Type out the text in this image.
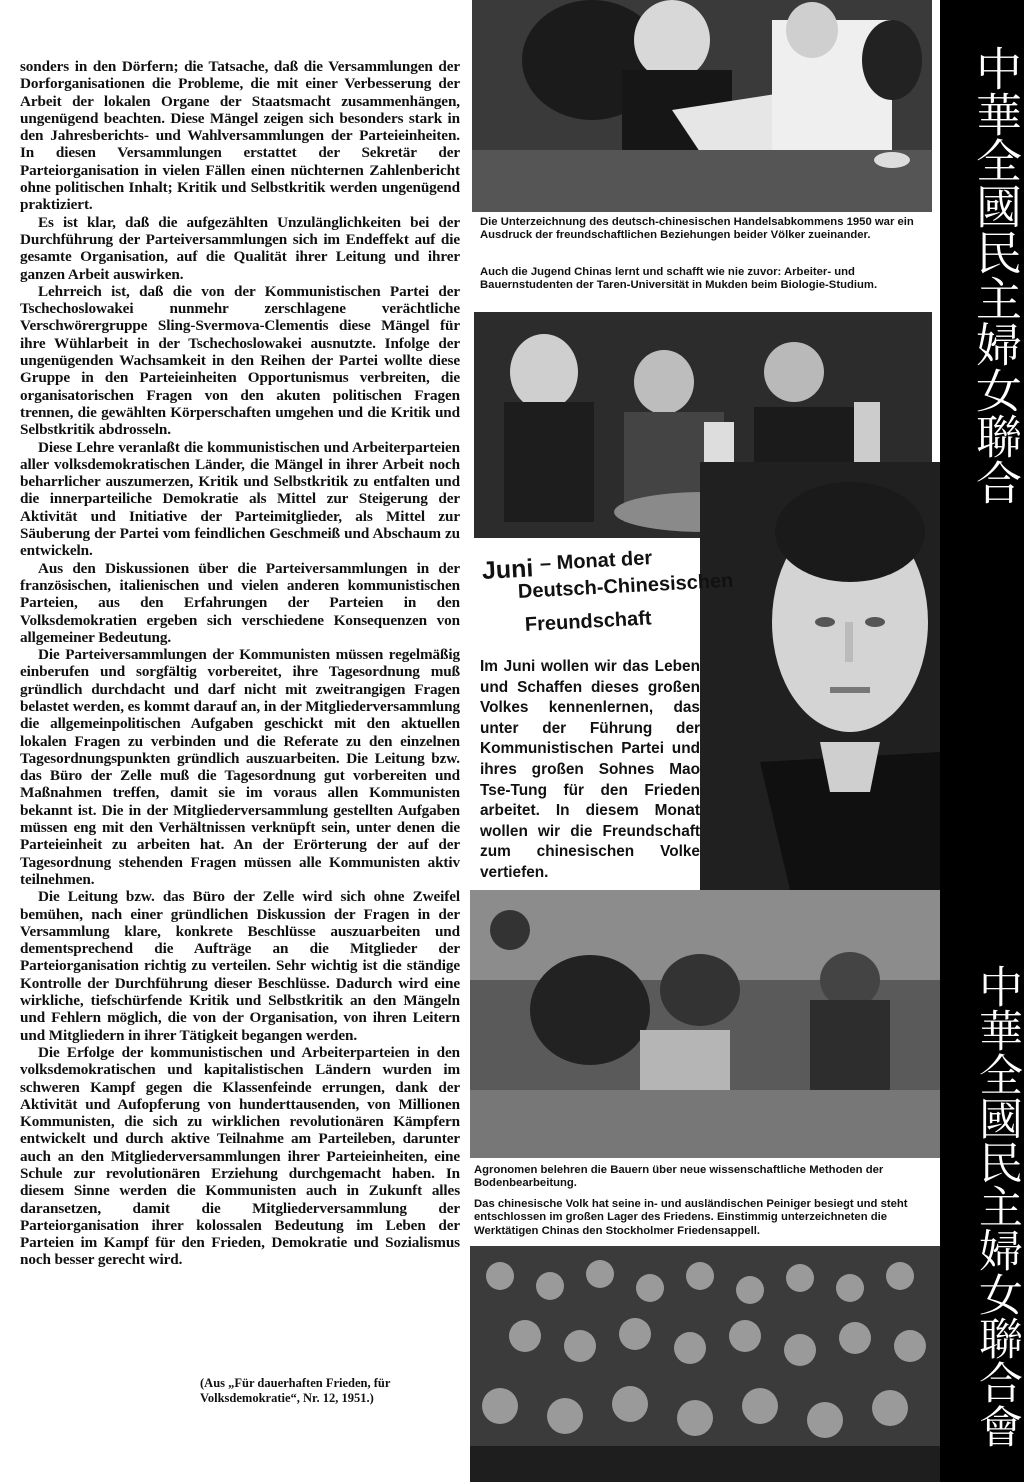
sonders in den Dörfern; die Tatsache, daß die Versammlungen der Dorforganisationen die Probleme, die mit einer Verbesserung der Arbeit der lokalen Organe der Staatsmacht zusammenhängen, ungenügend beachten. Diese Mängel zeigen sich besonders stark in den Jahresberichts- und Wahlversammlungen der Parteieinheiten. In diesen Versammlungen erstattet der Sekretär der Parteiorganisation in vielen Fällen einen nüchternen Zahlenbericht ohne politischen Inhalt; Kritik und Selbstkritik werden ungenügend praktiziert.

Es ist klar, daß die aufgezählten Unzulänglichkeiten bei der Durchführung der Parteiversammlungen sich im Endeffekt auf die gesamte Organisation, auf die Qualität ihrer Leitung und ihrer ganzen Arbeit auswirken.

Lehrreich ist, daß die von der Kommunistischen Partei der Tschechoslowakei nunmehr zerschlagene verächtliche Verschwörergruppe Sling-Svermova-Clementis diese Mängel für ihre Wühlarbeit in der Tschechoslowakei ausnutzte. Infolge der ungenügenden Wachsamkeit in den Reihen der Partei wollte diese Gruppe in den Parteieinheiten Opportunismus verbreiten, die organisatorischen Fragen von den akuten politischen Fragen trennen, die gewählten Körperschaften umgehen und die Kritik und Selbstkritik abdrosseln.

Diese Lehre veranlaßt die kommunistischen und Arbeiterparteien aller volksdemokratischen Länder, die Mängel in ihrer Arbeit noch beharrlicher auszumerzen, Kritik und Selbstkritik zu entfalten und die innerparteiliche Demokratie als Mittel zur Steigerung der Aktivität und Initiative der Parteimitglieder, als Mittel zur Säuberung der Partei vom feindlichen Geschmeiß und Abschaum zu entwickeln.

Aus den Diskussionen über die Parteiversammlungen in der französischen, italienischen und vielen anderen kommunistischen Parteien, aus den Erfahrungen der Parteien in den Volksdemokratien ergeben sich verschiedene Konsequenzen von allgemeiner Bedeutung.

Die Parteiversammlungen der Kommunisten müssen regelmäßig einberufen und sorgfältig vorbereitet, ihre Tagesordnung muß gründlich durchdacht und darf nicht mit zweitrangigen Fragen belastet werden, es kommt darauf an, in der Mitgliederversammlung die allgemeinpolitischen Aufgaben geschickt mit den aktuellen lokalen Fragen zu verbinden und die Referate zu den einzelnen Tagesordnungspunkten gründlich auszuarbeiten. Die Leitung bzw. das Büro der Zelle muß die Tagesordnung gut vorbereiten und Maßnahmen treffen, damit sie im voraus allen Kommunisten bekannt ist. Die in der Mitgliederversammlung gestellten Aufgaben müssen eng mit den Verhältnissen verknüpft sein, unter denen die Parteieinheit zu arbeiten hat. An der Erörterung der auf der Tagesordnung stehenden Fragen müssen alle Kommunisten aktiv teilnehmen.

Die Leitung bzw. das Büro der Zelle wird sich ohne Zweifel bemühen, nach einer gründlichen Diskussion der Fragen in der Versammlung klare, konkrete Beschlüsse auszuarbeiten und dementsprechend die Aufträge an die Mitglieder der Parteiorganisation richtig zu verteilen. Sehr wichtig ist die ständige Kontrolle der Durchführung dieser Beschlüsse. Dadurch wird eine wirkliche, tiefschürfende Kritik und Selbstkritik an den Mängeln und Fehlern möglich, die von der Organisation, von ihren Leitern und Mitgliedern in ihrer Tätigkeit begangen werden.

Die Erfolge der kommunistischen und Arbeiterparteien in den volksdemokratischen und kapitalistischen Ländern wurden im schweren Kampf gegen die Klassenfeinde errungen, dank der Aktivität und Aufopferung von hunderttausenden, von Millionen Kommunisten, die sich zu wirklichen revolutionären Kämpfern entwickelt und durch aktive Teilnahme am Parteileben, darunter auch an den Mitgliederversammlungen ihrer Parteieinheiten, eine Schule zur revolutionären Erziehung durchgemacht haben. In diesem Sinne werden die Kommunisten auch in Zukunft alles daransetzen, damit die Mitgliederversammlung der Parteiorganisation ihrer kolossalen Bedeutung im Leben der Parteien im Kampf für den Frieden, Demokratie und Sozialismus noch besser gerecht wird.

(Aus „Für dauerhaften Frieden, für Volksdemokratie“, Nr. 12, 1951.)
Die Unterzeichnung des deutsch-chinesischen Handelsabkommens 1950 war ein Ausdruck der freundschaftlichen Beziehungen beider Völker zueinander.
Auch die Jugend Chinas lernt und schafft wie nie zuvor: Arbeiter- und Bauernstudenten der Taren-Universität in Mukden beim Biologie-Studium.
Juni – Monat der
Deutsch-Chinesischen
Freundschaft
Im Juni wollen wir das Leben und Schaffen dieses großen Volkes kennenlernen, das unter der Führung der Kommunistischen Partei und ihres großen Sohnes Mao Tse-Tung für den Frieden arbeitet. In diesem Monat wollen wir die Freundschaft zum chinesischen Volke vertiefen.
Agronomen belehren die Bauern über neue wissenschaftliche Methoden der Bodenbearbeitung.
Das chinesische Volk hat seine in- und ausländischen Peiniger besiegt und steht entschlossen im großen Lager des Friedens. Einstimmig unterzeichneten die Werktätigen Chinas den Stockholmer Friedensappell.
中華全國民主婦女聯合
中華全國民主婦女聯合會
